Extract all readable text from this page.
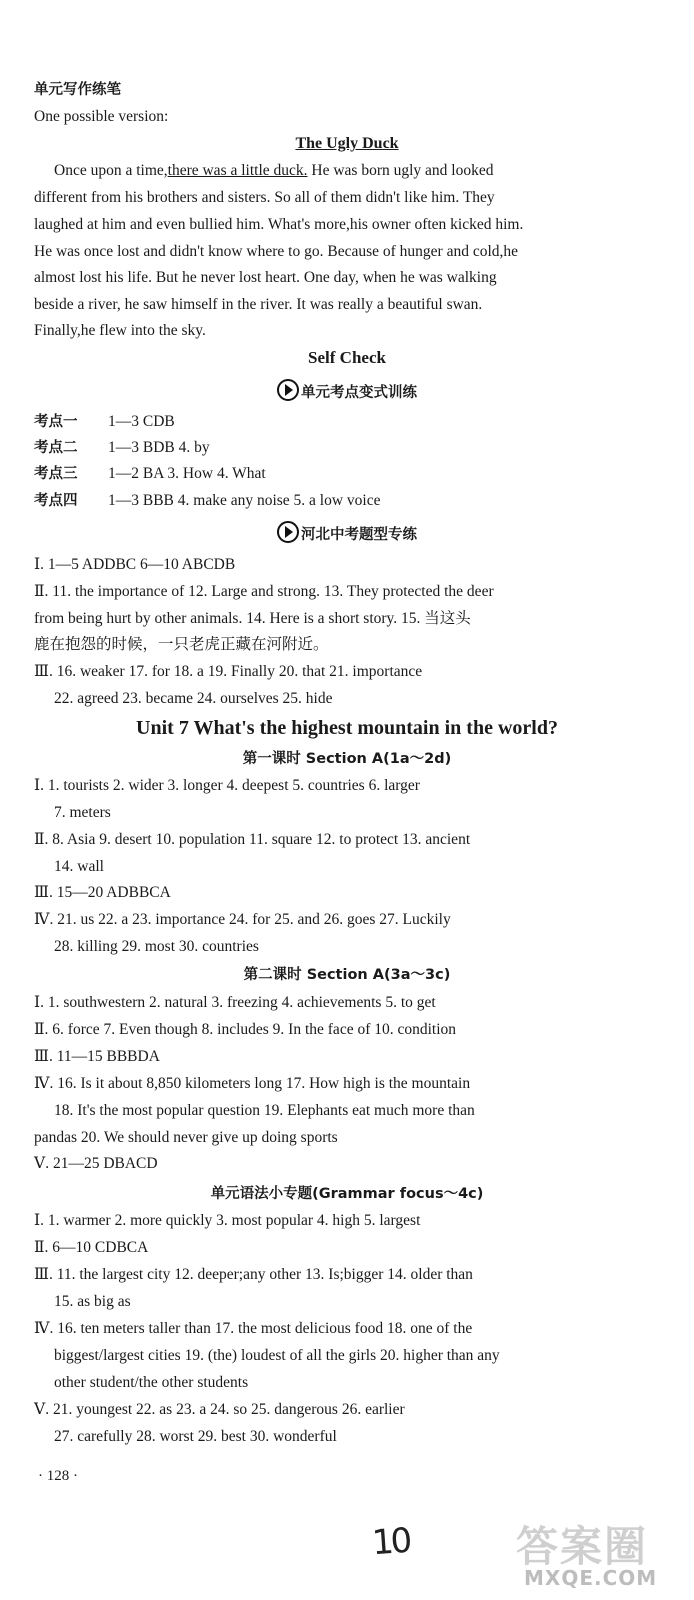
单元写作练笔
One possible version:
The Ugly Duck
Once upon a time,there was a little duck. He was born ugly and looked
different from his brothers and sisters. So all of them didn't like him. They
laughed at him and even bullied him. What's more,his owner often kicked him.
He was once lost and didn't know where to go. Because of hunger and cold,he
almost lost his life. But he never lost heart. One day, when he was walking
beside a river, he saw himself in the river. It was really a beautiful swan.
Finally,he flew into the sky.
Self Check
单元考点变式训练
考点一 1—3 CDB
考点二 1—3 BDB 4. by
考点三 1—2 BA 3. How 4. What
考点四 1—3 BBB 4. make any noise 5. a low voice
河北中考题型专练
Ⅰ. 1—5 ADDBC 6—10 ABCDB
Ⅱ. 11. the importance of 12. Large and strong. 13. They protected the deer
from being hurt by other animals. 14. Here is a short story. 15. 当这头
鹿在抱怨的时候，一只老虎正藏在河附近。
Ⅲ. 16. weaker 17. for 18. a 19. Finally 20. that 21. importance
22. agreed 23. became 24. ourselves 25. hide
Unit 7 What's the highest mountain in the world?
第一课时 Section A(1a～2d)
Ⅰ. 1. tourists 2. wider 3. longer 4. deepest 5. countries 6. larger
7. meters
Ⅱ. 8. Asia 9. desert 10. population 11. square 12. to protect 13. ancient
14. wall
Ⅲ. 15—20 ADBBCA
Ⅳ. 21. us 22. a 23. importance 24. for 25. and 26. goes 27. Luckily
28. killing 29. most 30. countries
第二课时 Section A(3a～3c)
Ⅰ. 1. southwestern 2. natural 3. freezing 4. achievements 5. to get
Ⅱ. 6. force 7. Even though 8. includes 9. In the face of 10. condition
Ⅲ. 11—15 BBBDA
Ⅳ. 16. Is it about 8,850 kilometers long 17. How high is the mountain
18. It's the most popular question 19. Elephants eat much more than
pandas 20. We should never give up doing sports
Ⅴ. 21—25 DBACD
单元语法小专题(Grammar focus～4c)
Ⅰ. 1. warmer 2. more quickly 3. most popular 4. high 5. largest
Ⅱ. 6—10 CDBCA
Ⅲ. 11. the largest city 12. deeper;any other 13. Is;bigger 14. older than
15. as big as
Ⅳ. 16. ten meters taller than 17. the most delicious food 18. one of the
biggest/largest cities 19. (the) loudest of all the girls 20. higher than any
other student/the other students
Ⅴ. 21. youngest 22. as 23. a 24. so 25. dangerous 26. earlier
27. carefully 28. worst 29. best 30. wonderful
· 128 ·
10	答案圈
MXQE.COM
